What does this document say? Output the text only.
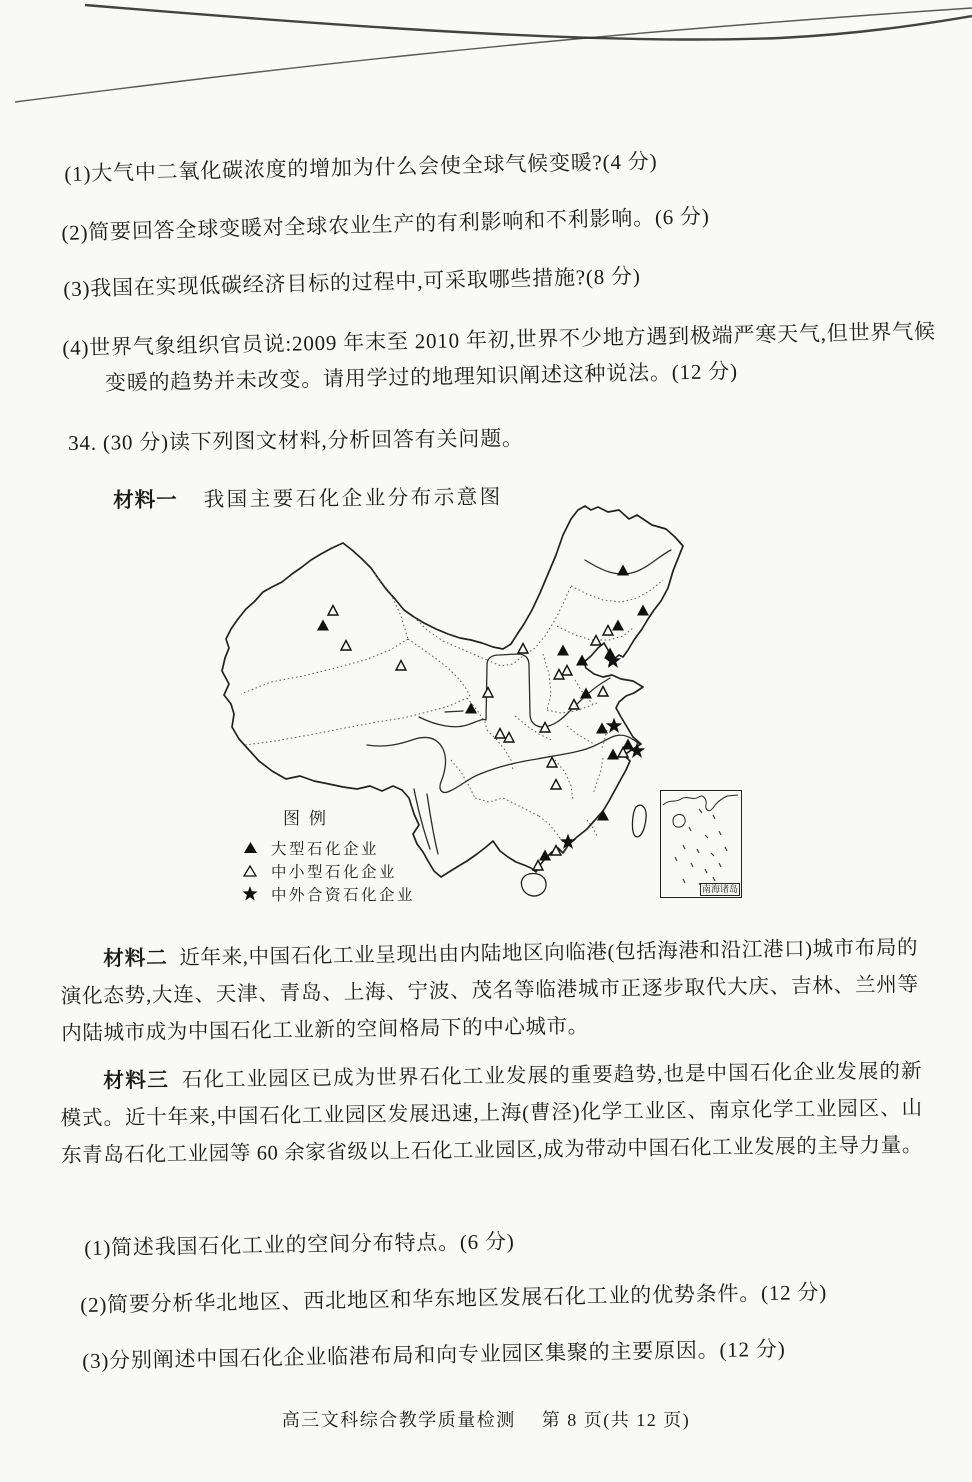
(1)大气中二氧化碳浓度的增加为什么会使全球气候变暖?(4 分)
(2)简要回答全球变暖对全球农业生产的有利影响和不利影响。(6 分)
(3)我国在实现低碳经济目标的过程中,可采取哪些措施?(8 分)
(4)世界气象组织官员说:2009 年末至 2010 年初,世界不少地方遇到极端严寒天气,但世界气候变暖的趋势并未改变。请用学过的地理知识阐述这种说法。(12 分)
34. (30 分)读下列图文材料,分析回答有关问题。
材料一 我国主要石化企业分布示意图
图例
大型石化企业
中小型石化企业
中外合资石化企业	南海诸岛
材料二 近年来,中国石化工业呈现出由内陆地区向临港(包括海港和沿江港口)城市布局的演化态势,大连、天津、青岛、上海、宁波、茂名等临港城市正逐步取代大庆、吉林、兰州等内陆城市成为中国石化工业新的空间格局下的中心城市。
材料三 石化工业园区已成为世界石化工业发展的重要趋势,也是中国石化企业发展的新模式。近十年来,中国石化工业园区发展迅速,上海(曹泾)化学工业区、南京化学工业园区、山东青岛石化工业园等 60 余家省级以上石化工业园区,成为带动中国石化工业发展的主导力量。
(1)简述我国石化工业的空间分布特点。(6 分)
(2)简要分析华北地区、西北地区和华东地区发展石化工业的优势条件。(12 分)
(3)分别阐述中国石化企业临港布局和向专业园区集聚的主要原因。(12 分)
高三文科综合教学质量检测 第 8 页(共 12 页)
